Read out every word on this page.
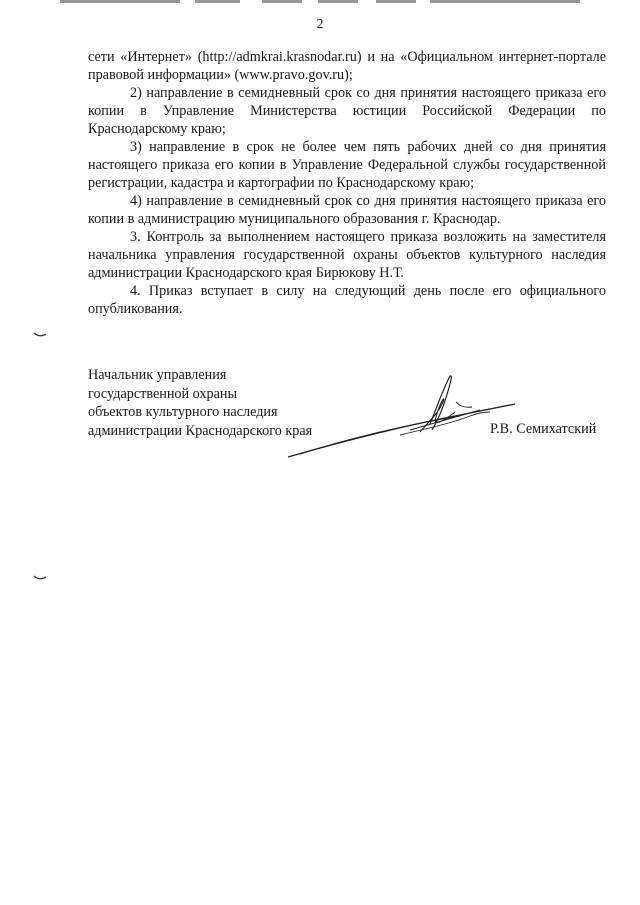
2

сети «Интернет» (http://admkrai.krasnodar.ru) и на «Официальном интернет-портале правовой информации» (www.pravo.gov.ru);

2) направление в семидневный срок со дня принятия настоящего приказа его копии в Управление Министерства юстиции Российской Федерации по Краснодарскому краю;

3) направление в срок не более чем пять рабочих дней со дня принятия настоящего приказа его копии в Управление Федеральной службы государственной регистрации, кадастра и картографии по Краснодарскому краю;

4) направление в семидневный срок со дня принятия настоящего приказа его копии в администрацию муниципального образования г. Краснодар.

3. Контроль за выполнением настоящего приказа возложить на заместителя начальника управления государственной охраны объектов культурного наследия администрации Краснодарского края Бирюкову Н.Т.

4. Приказ вступает в силу на следующий день после его официального опубликования.

Начальник управления
государственной охраны
объектов культурного наследия
администрации Краснодарского края	Р.В. Семихатский
